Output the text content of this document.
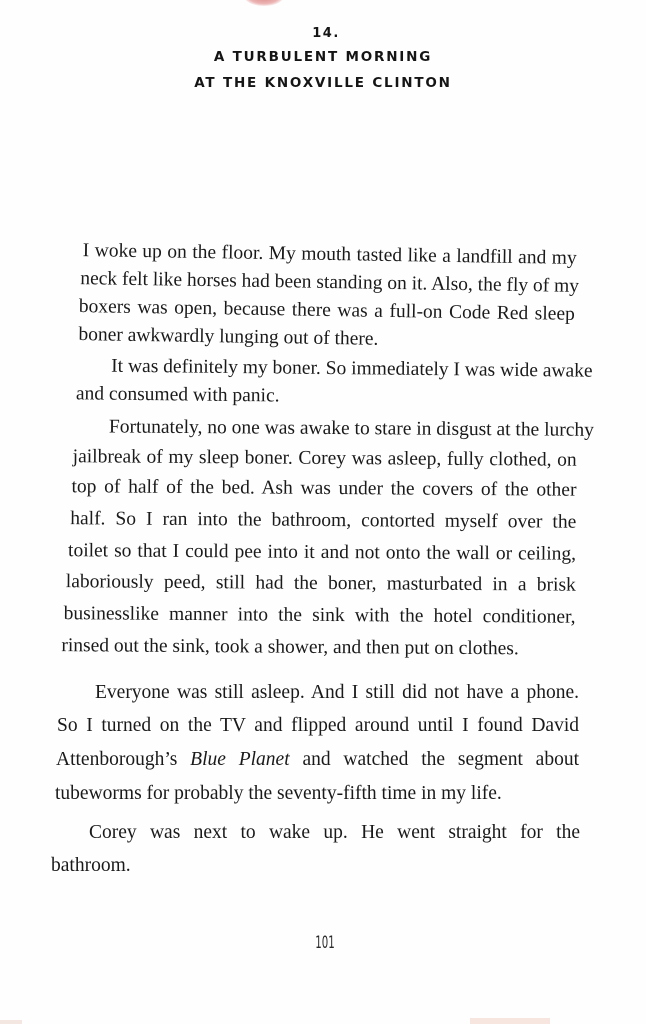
14.
A TURBULENT MORNING
AT THE KNOXVILLE CLINTON
I woke up on the floor. My mouth tasted like a landfill and my
neck felt like horses had been standing on it. Also, the fly of my
boxers was open, because there was a full-on Code Red sleep
boner awkwardly lunging out of there.
It was definitely my boner. So immediately I was wide awake
and consumed with panic.
Fortunately, no one was awake to stare in disgust at the lurchy
jailbreak of my sleep boner. Corey was asleep, fully clothed, on
top of half of the bed. Ash was under the covers of the other
half. So I ran into the bathroom, contorted myself over the
toilet so that I could pee into it and not onto the wall or ceiling,
laboriously peed, still had the boner, masturbated in a brisk
businesslike manner into the sink with the hotel conditioner,
rinsed out the sink, took a shower, and then put on clothes.
Everyone was still asleep. And I still did not have a phone.
So I turned on the TV and flipped around until I found David
Attenborough’s Blue Planet and watched the segment about
tubeworms for probably the seventy-fifth time in my life.
Corey was next to wake up. He went straight for the
bathroom.
101
